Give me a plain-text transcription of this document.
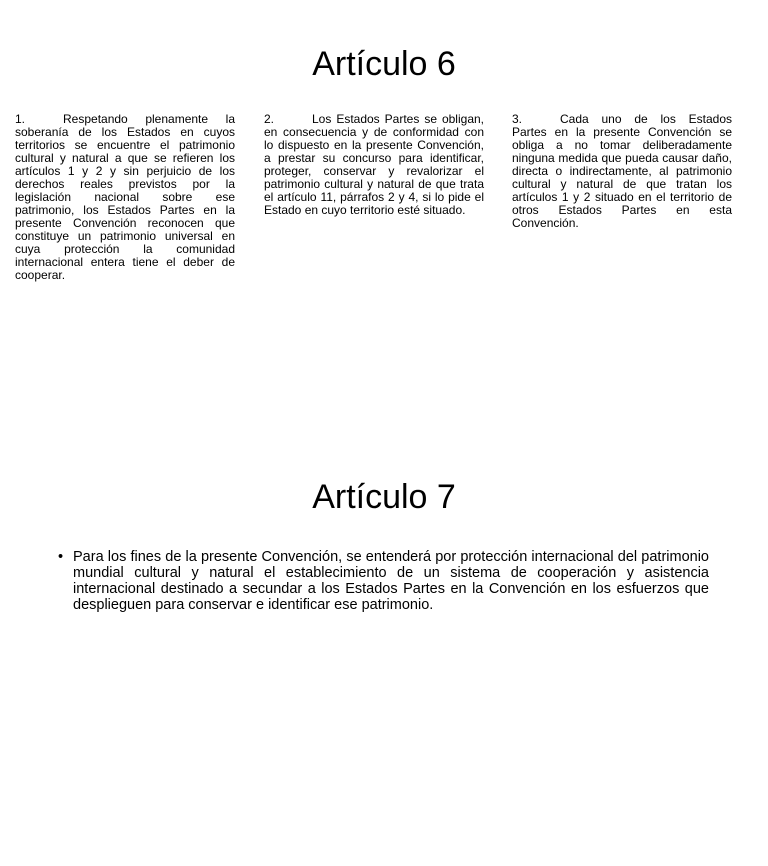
Artículo 6

1.	Respetando plenamente la soberanía de los Estados en cuyos territorios se encuentre el patrimonio cultural y natural a que se refieren los artículos 1 y 2 y sin perjuicio de los derechos reales previstos por la legislación nacional sobre ese patrimonio, los Estados Partes en la presente Convención reconocen que constituye un patrimonio universal en cuya protección la comunidad internacional entera tiene el deber de cooperar.

2.	Los Estados Partes se obligan, en consecuencia y de conformidad con lo dispuesto en la presente Convención, a prestar su concurso para identificar, proteger, conservar y revalorizar el patrimonio cultural y natural de que trata el artículo 11, párrafos 2 y 4, si lo pide el Estado en cuyo territorio esté situado.

3.	Cada uno de los Estados Partes en la presente Convención se obliga a no tomar deliberadamente ninguna medida que pueda causar daño, directa o indirectamente, al patrimonio cultural y natural de que tratan los artículos 1 y 2 situado en el territorio de otros Estados Partes en esta Convención.

Artículo 7
• Para los fines de la presente Convención, se entenderá por protección internacional del patrimonio mundial cultural y natural el establecimiento de un sistema de cooperación y asistencia internacional destinado a secundar a los Estados Partes en la Convención en los esfuerzos que desplieguen para conservar e identificar ese patrimonio.
